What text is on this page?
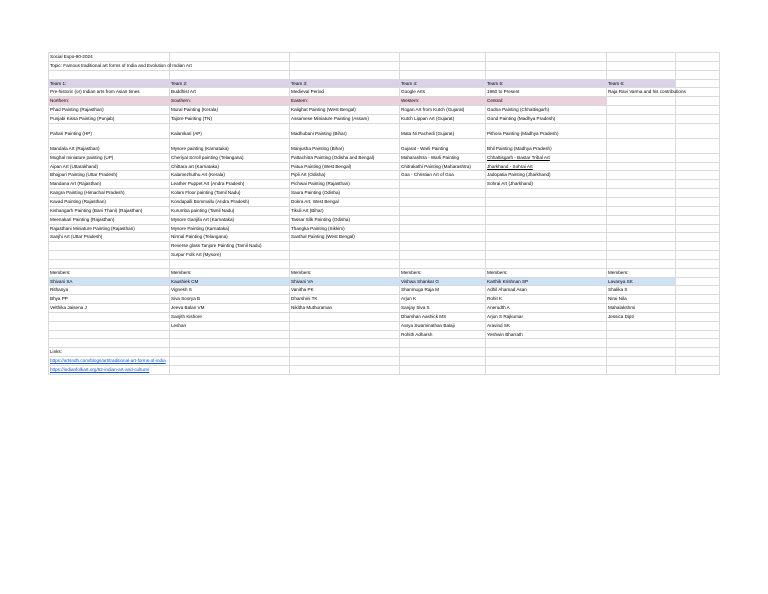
Social Expo-90-2024						
Topic: Famous traditional art forms of India and Evolution of Indian Art						

Team 1:	Team 2:	Team 3:	Team 4:	Team 5:	Team 6:	
Pre-historic (or) Indian arts from Asian times	Buddhist Art	Medieval Period	Google Arts	1960 to Present	Raja Ravi Varma and his contributions	
Northern:	Southern:	Eastern:	Western:	Central:		
Phad Painting (Rajasthan)	Mural Painting (Kerala)	Kalighat Painting (West Bengal)	Rogan Art from Kutch (Gujarat)	Godna Painting (Chhattisgarh)		
Punjabi Kissa Painting (Punjab)	Tajore Painting (TN)	Assamese Miniature Painting (Assam)	Kutch Lippan Art (Gujarat)	Gond Painting (Madhya Pradesh)		
Pahari Painting (HP)	Kalamkari (AP)	Madhubani Painting (Bihar)	Mata Ni Pachedi (Gujarat)	Pithora Painting (Madhya Pradesh)		
Mandala Art (Rajasthan)	Mysore painting (Karnataka)	Manjusha Painting (Bihar)	Gujarat - Warli Painting	Bhil Painting (Madhya Pradesh)		
Mughal miniature painting (UP)	Cheriyal Scroll painting (Telangana)	Pattachitra Painting (Odisha and Bengal)	Maharashtra - Warli Painting	Chhattisgarh - Bastar Tribal Art		
Aipan Art (Uttarakhand)	Chittara art (Karnataka)	Patua Painting (West Bengal)	Chitrakathi Painting (Maharashtra)	Jharkhand - Sohrai Art		
Bhojpuri Painting (Uttar Pradesh)	Kalamezhuthu Art (Kerala)	Pipli Art (Odisha)	Goa - Christian Art of Goa	Jadopatia Painting (Jharkhand)		
Mandana Art (Rajasthan)	Leather Puppet Art (Andra Pradesh)	Pichwai Painting (Rajasthan)		Sohrai Art (Jharkhand)		
Kangra Painting (Himachal Pradesh)	Kolam Floor painting (Tamil Nadu)	Saura Painting (Odisha)				
Kavad Painting (Rajasthan)	Kondapalli Bommallu (Andra Pradesh)	Dokra Art, West Bengal				
Kishangarh Painting (Bani Thani) (Rajasthan)	Kurumba painting (Tamil Nadu)	Tikuli Art (Bihar)				
Meenakari Painting (Rajasthan)	Mysore Ganjifa Art (Karnataka)	Tassar Silk Painting (Odisha)				
Rajasthani Miniature Painting (Rajasthan)	Mysore Painting (Karnataka)	Thangka Painting (Sikkim)				
Sanjhi Art (Uttar Pradesh)	Nirmal Painting (Telangana)	Santhal Painting (West Bengal)				
	Reverse glass Tanjore Painting (Tamil Nadu)					
	Surpur Folk Art (Mysore)					

Members:	Members:	Members:	Members:	Members:	Members:	
Shivani SA	Kaushiek CM	Shivani VA	Vishwa Shankar G	Karthik Krishnan SP	Lavanya SK	
Rithanya	Vignesh S	Vanitha PK	Shanmuga Raja M	Adhil Ahamad Asan	Shalika S	
Bhya PP	Siva Soorya B	Dharshini TK	Arjun K	Rohit K	Nirai Nila	
Velthika Jaisena J	Jeeva Balan VM	Nikitha Muthuraman	Sanjay Siva S	Anerudth A	Mahalakshmi	
	Sanjith Kishore		Dharshan Aashick MS	Arjun S Rajkumar	Jessica Dipti	
	Leshan		Aarya Swaminathan Balaji	Aravind SK		
			Rohith Adharsh	Yeshwin Bharrath		

Links:						
https://artsndh.com/blogs/art/traditional-art-forms-of-india						
https://indianfolkart.org/52-indian-art-and-culture/						
